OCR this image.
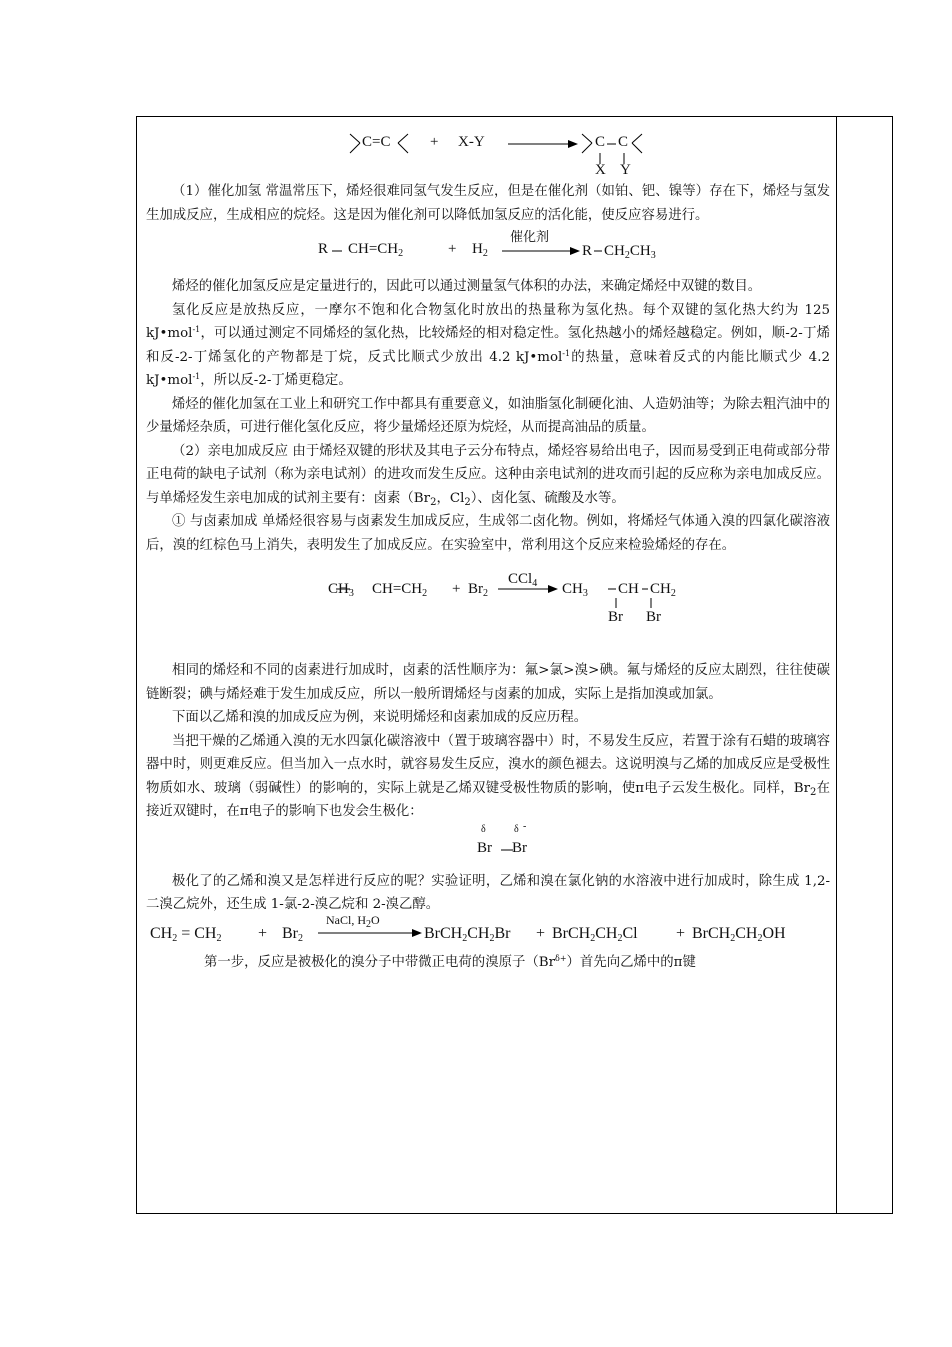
C=C	+ X-Y	C C
X Y

（1）催化加氢 常温常压下，烯烃很难同氢气发生反应，但是在催化剂（如铂、钯、镍等）存在下，烯烃与氢发生加成反应，生成相应的烷烃。这是因为催化剂可以降低加氢反应的活化能，使反应容易进行。

R $CH=CH_2$	+ $H_2$
催化剂
R $CH_2CH_3$

烯烃的催化加氢反应是定量进行的，因此可以通过测量氢气体积的办法，来确定烯烃中双键的数目。

氢化反应是放热反应，一摩尔不饱和化合物氢化时放出的热量称为氢化热。每个双键的氢化热大约为 125 kJ•mol$^{-1}$，可以通过测定不同烯烃的氢化热，比较烯烃的相对稳定性。氢化热越小的烯烃越稳定。例如，顺-2-丁烯和反-2-丁烯氢化的产物都是丁烷，反式比顺式少放出 4.2 kJ•mol$^{-1}$的热量，意味着反式的内能比顺式少 4.2 kJ•mol$^{-1}$，所以反-2-丁烯更稳定。

烯烃的催化加氢在工业上和研究工作中都具有重要意义，如油脂氢化制硬化油、人造奶油等；为除去粗汽油中的少量烯烃杂质，可进行催化氢化反应，将少量烯烃还原为烷烃，从而提高油品的质量。

（2）亲电加成反应 由于烯烃双键的形状及其电子云分布特点，烯烃容易给出电子，因而易受到正电荷或部分带正电荷的缺电子试剂（称为亲电试剂）的进攻而发生反应。这种由亲电试剂的进攻而引起的反应称为亲电加成反应。与单烯烃发生亲电加成的试剂主要有：卤素（$Br_2$，$Cl_2$）、卤化氢、硫酸及水等。

① 与卤素加成 单烯烃很容易与卤素发生加成反应，生成邻二卤化物。例如，将烯烃气体通入溴的四氯化碳溶液后，溴的红棕色马上消失，表明发生了加成反应。在实验室中，常利用这个反应来检验烯烃的存在。

$CH_3$ $CH=CH_2 + Br_2$
CCl$_4$ $CH_3$ CH $CH_2$
Br Br

相同的烯烃和不同的卤素进行加成时，卤素的活性顺序为：氟>氯>溴>碘。氟与烯烃的反应太剧烈，往往使碳链断裂；碘与烯烃难于发生加成反应，所以一般所谓烯烃与卤素的加成，实际上是指加溴或加氯。

下面以乙烯和溴的加成反应为例，来说明烯烃和卤素加成的反应历程。

当把干燥的乙烯通入溴的无水四氯化碳溶液中（置于玻璃容器中）时，不易发生反应，若置于涂有石蜡的玻璃容器中时，则更难反应。但当加入一点水时，就容易发生反应，溴水的颜色褪去。这说明溴与乙烯的加成反应是受极性物质如水、玻璃（弱碱性）的影响的，实际上就是乙烯双键受极性物质的影响，使π电子云发生极化。同样，$Br_2$在接近双键时，在π电子的影响下也发会生极化：

δ	δ -
Br Br

极化了的乙烯和溴又是怎样进行反应的呢？实验证明，乙烯和溴在氯化钠的水溶液中进行加成时，除生成 1,2-二溴乙烷外，还生成 1-氯-2-溴乙烷和 2-溴乙醇。

$CH_2 = CH_2 + Br_2$
NaCl, $H_2O$
$BrCH_2CH_2Br$ + $BrCH_2CH_2Cl$ + $BrCH_2CH_2OH$

第一步，反应是被极化的溴分子中带微正电荷的溴原子$(Br^{\delta+})$首先向乙烯中的π键
